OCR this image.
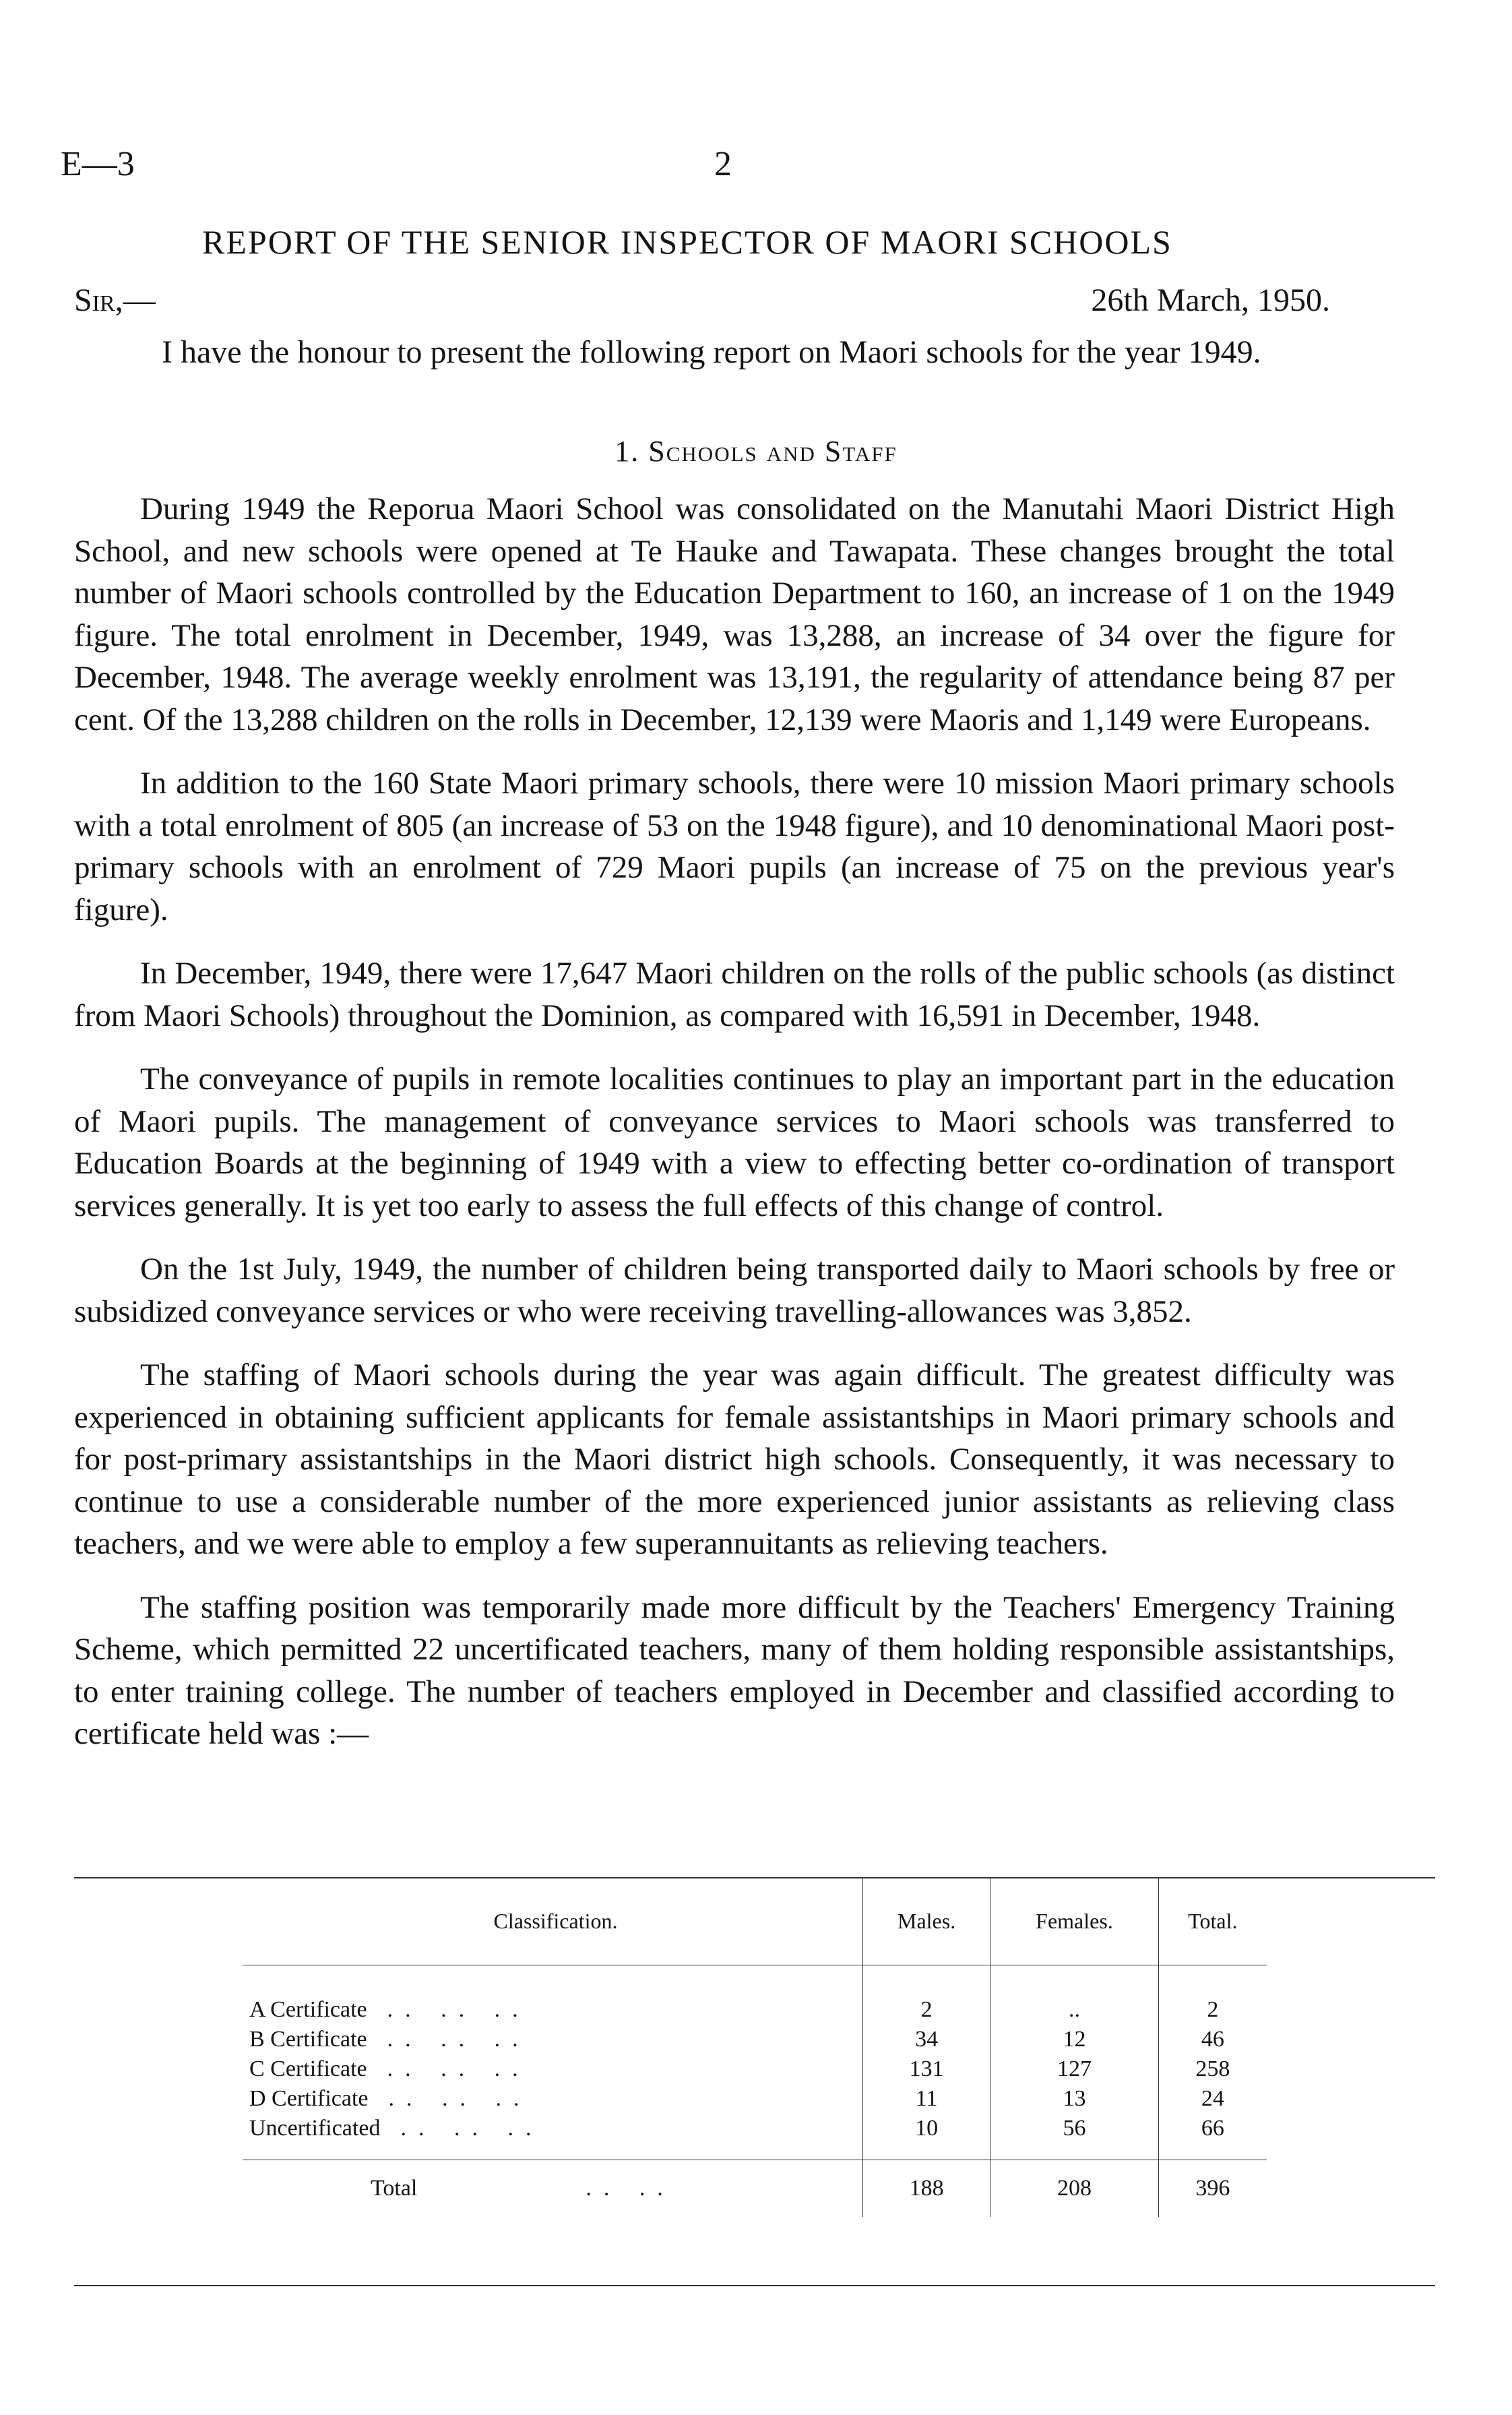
E—3	2
REPORT OF THE SENIOR INSPECTOR OF MAORI SCHOOLS
Sir,—	26th March, 1950.
I have the honour to present the following report on Maori schools for the year 1949.
1. Schools and Staff

During 1949 the Reporua Maori School was consolidated on the Manutahi Maori District High School, and new schools were opened at Te Hauke and Tawapata. These changes brought the total number of Maori schools controlled by the Education Department to 160, an increase of 1 on the 1949 figure. The total enrolment in December, 1949, was 13,288, an increase of 34 over the figure for December, 1948. The average weekly enrolment was 13,191, the regularity of attendance being 87 per cent. Of the 13,288 children on the rolls in December, 12,139 were Maoris and 1,149 were Europeans.

In addition to the 160 State Maori primary schools, there were 10 mission Maori primary schools with a total enrolment of 805 (an increase of 53 on the 1948 figure), and 10 denominational Maori post-primary schools with an enrolment of 729 Maori pupils (an increase of 75 on the previous year's figure).

In December, 1949, there were 17,647 Maori children on the rolls of the public schools (as distinct from Maori Schools) throughout the Dominion, as compared with 16,591 in December, 1948.

The conveyance of pupils in remote localities continues to play an important part in the education of Maori pupils. The management of conveyance services to Maori schools was transferred to Education Boards at the beginning of 1949 with a view to effecting better co-ordination of transport services generally. It is yet too early to assess the full effects of this change of control.

On the 1st July, 1949, the number of children being transported daily to Maori schools by free or subsidized conveyance services or who were receiving travelling-allowances was 3,852.

The staffing of Maori schools during the year was again difficult. The greatest difficulty was experienced in obtaining sufficient applicants for female assistantships in Maori primary schools and for post-primary assistantships in the Maori district high schools. Consequently, it was necessary to continue to use a considerable number of the more experienced junior assistants as relieving class teachers, and we were able to employ a few superannuitants as relieving teachers.

The staffing position was temporarily made more difficult by the Teachers' Emergency Training Scheme, which permitted 22 uncertificated teachers, many of them holding responsible assistantships, to enter training college. The number of teachers employed in December and classified according to certificate held was :—

Classification.	Males.	Females.	Total.
A Certificate .. .. ..	2	..	2
B Certificate .. .. ..	34	12	46
C Certificate .. .. ..	131	127	258
D Certificate .. .. ..	11	13	24
Uncertificated .. .. ..	10	56	66
Total .. ..	188	208	396
